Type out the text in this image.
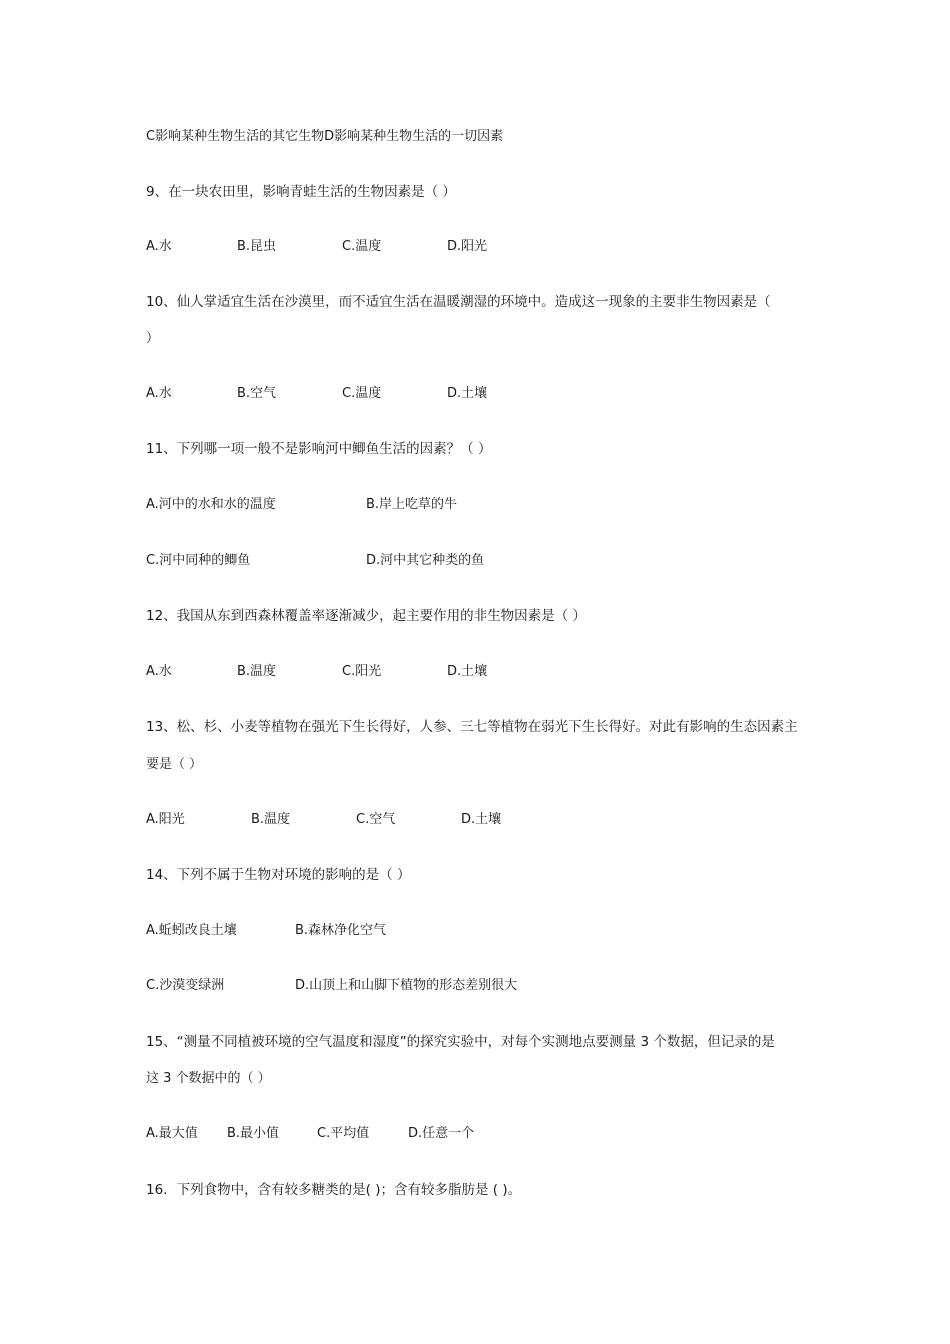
C影响某种生物生活的其它生物D影响某种生物生活的一切因素
9、在一块农田里，影响青蛙生活的生物因素是（ ）
A.水	B.昆虫	C.温度	D.阳光
10、仙人掌适宜生活在沙漠里，而不适宜生活在温暖潮湿的环境中。造成这一现象的主要非生物因素是（
）
A.水	B.空气	C.温度	D.土壤
11、下列哪一项一般不是影响河中鲫鱼生活的因素？（ ）
A.河中的水和水的温度	B.岸上吃草的牛
C.河中同种的鲫鱼	D.河中其它种类的鱼
12、我国从东到西森林覆盖率逐渐减少，起主要作用的非生物因素是（ ）
A.水	B.温度	C.阳光	D.土壤
13、松、杉、小麦等植物在强光下生长得好，人参、三七等植物在弱光下生长得好。对此有影响的生态因素主
要是（ ）
A.阳光	B.温度	C.空气	D.土壤
14、下列不属于生物对环境的影响的是（ ）
A.蚯蚓改良土壤	B.森林净化空气
C.沙漠变绿洲	D.山顶上和山脚下植物的形态差别很大
15、“测量不同植被环境的空气温度和湿度”的探究实验中，对每个实测地点要测量 3 个数据，但记录的是
这 3 个数据中的（ ）
A.最大值 B.最小值	C.平均值	D.任意一个
16．下列食物中，含有较多糖类的是( )；含有较多脂肪是 ( )。
